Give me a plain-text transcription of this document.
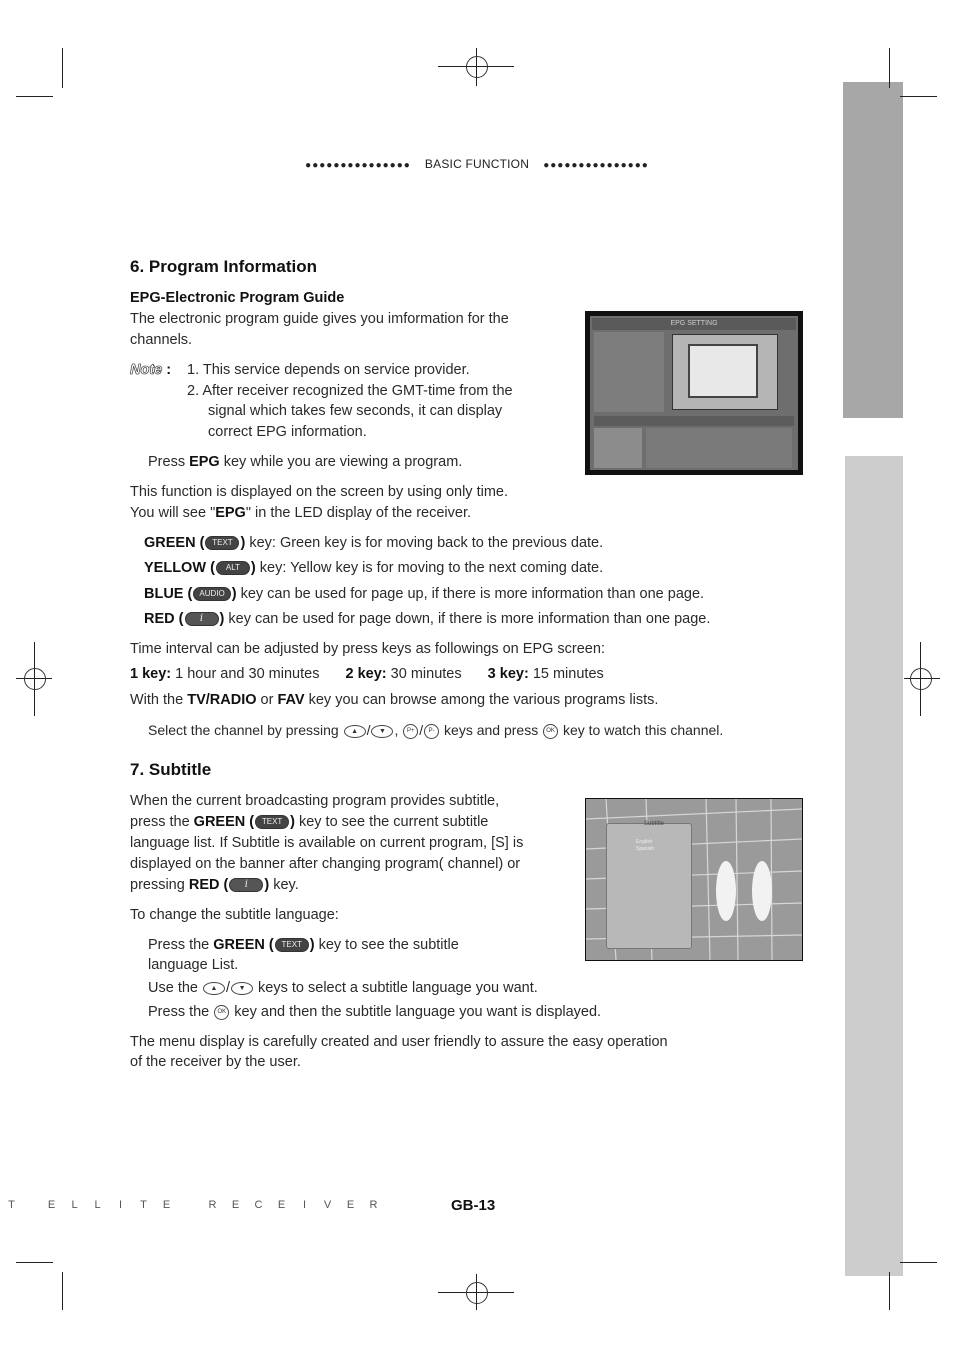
●●●●●●●●●●●●●●● BASIC FUNCTION ●●●●●●●●●●●●●●●
6. Program Information
EPG-Electronic Program Guide
The electronic program guide gives you imformation for the
channels.
Note : 1. This service depends on service provider.
2. After receiver recognized the GMT-time from the
signal which takes few seconds, it can display
correct EPG information.
Press EPG key while you are viewing a program.
This function is displayed on the screen by using only time.
You will see "EPG" in the LED display of the receiver.
EPG SETTING
GREEN ( TEXT ) key: Green key is for moving back to the previous date.
YELLOW ( ALT ) key: Yellow key is for moving to the next coming date.
BLUE ( AUDIO ) key can be used for page up, if there is more information than one page.
RED ( i ) key can be used for page down, if there is more information than one page.
Time interval can be adjusted by press keys as followings on EPG screen:
1 key: 1 hour and 30 minutes 2 key: 30 minutes 3 key: 15 minutes
With the TV/RADIO or FAV key you can browse among the various programs lists.
Select the channel by pressing ▲ / ▼ , P+ / P- keys and press OK key to watch this channel.
7. Subtitle
When the current broadcasting program provides subtitle,
press the GREEN ( TEXT ) key to see the current subtitle
language list. If Subtitle is available on current program, [S] is
displayed on the banner after changing program( channel) or
pressing RED ( i ) key.
Subtitle
English
Spanish
To change the subtitle language:
Press the GREEN ( TEXT ) key to see the subtitle
language List.
Use the ▲ / ▼ keys to select a subtitle language you want.
Press the OK key and then the subtitle language you want is displayed.
The menu display is carefully created and user friendly to assure the easy operation
of the receiver by the user.
T	E L L I T E	R E C E I V E R	GB-13
